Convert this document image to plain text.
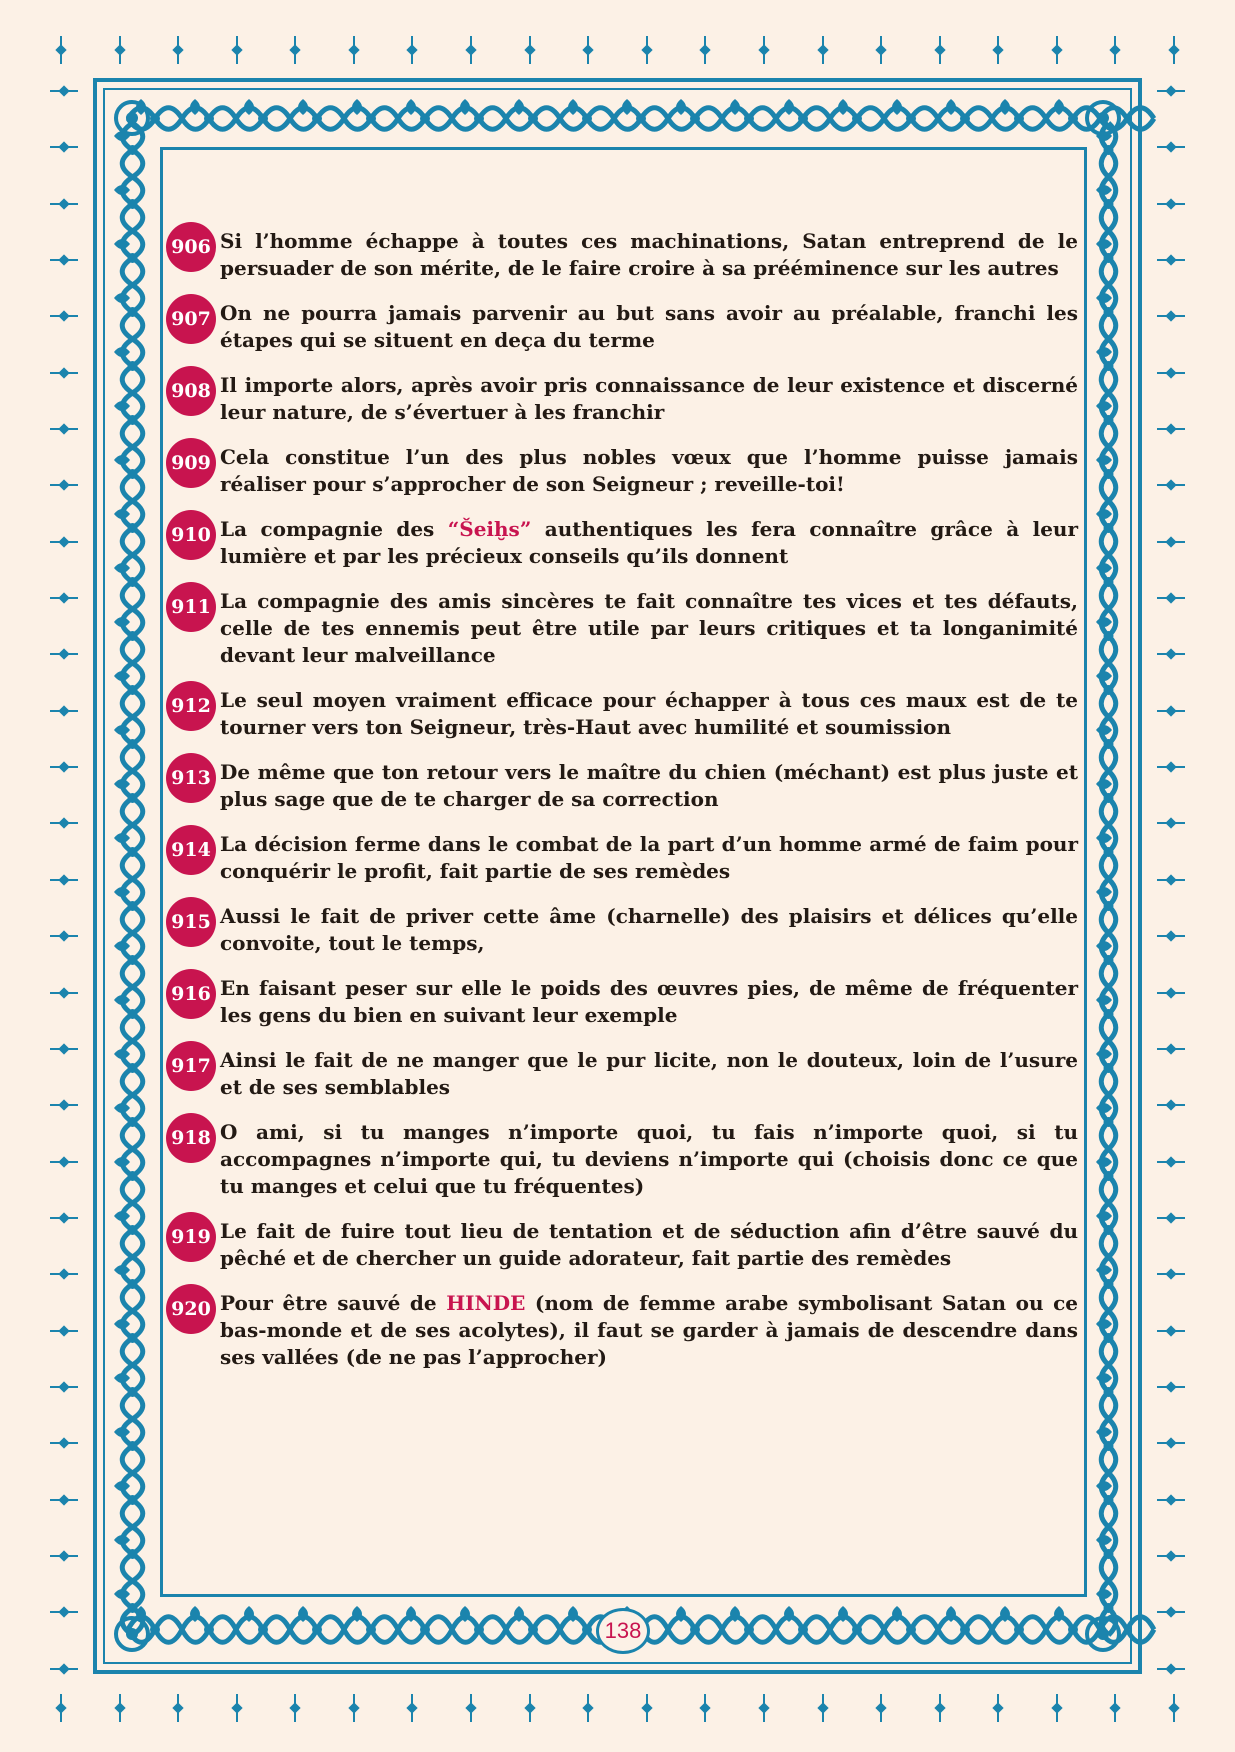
906 Si l’homme échappe à toutes ces machinations, Satan entreprend de le persuader de son mérite, de le faire croire à sa prééminence sur les autres
907 On ne pourra jamais parvenir au but sans avoir au préalable, franchi les étapes qui se situent en deça du terme
908 Il importe alors, après avoir pris connaissance de leur existence et discerné leur nature, de s’évertuer à les franchir
909 Cela constitue l’un des plus nobles vœux que l’homme puisse jamais réaliser pour s’approcher de son Seigneur ; reveille-toi!
910 La compagnie des “Šeiḫs” authentiques les fera connaître grâce à leur lumière et par les précieux conseils qu’ils donnent
911 La compagnie des amis sincères te fait connaître tes vices et tes défauts, celle de tes ennemis peut être utile par leurs critiques et ta longanimité devant leur malveillance
912 Le seul moyen vraiment efficace pour échapper à tous ces maux est de te tourner vers ton Seigneur, très-Haut avec humilité et soumission
913 De même que ton retour vers le maître du chien (méchant) est plus juste et plus sage que de te charger de sa correction
914 La décision ferme dans le combat de la part d’un homme armé de faim pour conquérir le profit, fait partie de ses remèdes
915 Aussi le fait de priver cette âme (charnelle) des plaisirs et délices qu’elle convoite, tout le temps,
916 En faisant peser sur elle le poids des œuvres pies, de même de fréquenter les gens du bien en suivant leur exemple
917 Ainsi le fait de ne manger que le pur licite, non le douteux, loin de l’usure et de ses semblables
918 O ami, si tu manges n’importe quoi, tu fais n’importe quoi, si tu accompagnes n’importe qui, tu deviens n’importe qui (choisis donc ce que tu manges et celui que tu fréquentes)
919 Le fait de fuire tout lieu de tentation et de séduction afin d’être sauvé du pêché et de chercher un guide adorateur, fait partie des remèdes
920 Pour être sauvé de HINDE (nom de femme arabe symbolisant Satan ou ce bas-monde et de ses acolytes), il faut se garder à jamais de descendre dans ses vallées (de ne pas l’approcher)
138
